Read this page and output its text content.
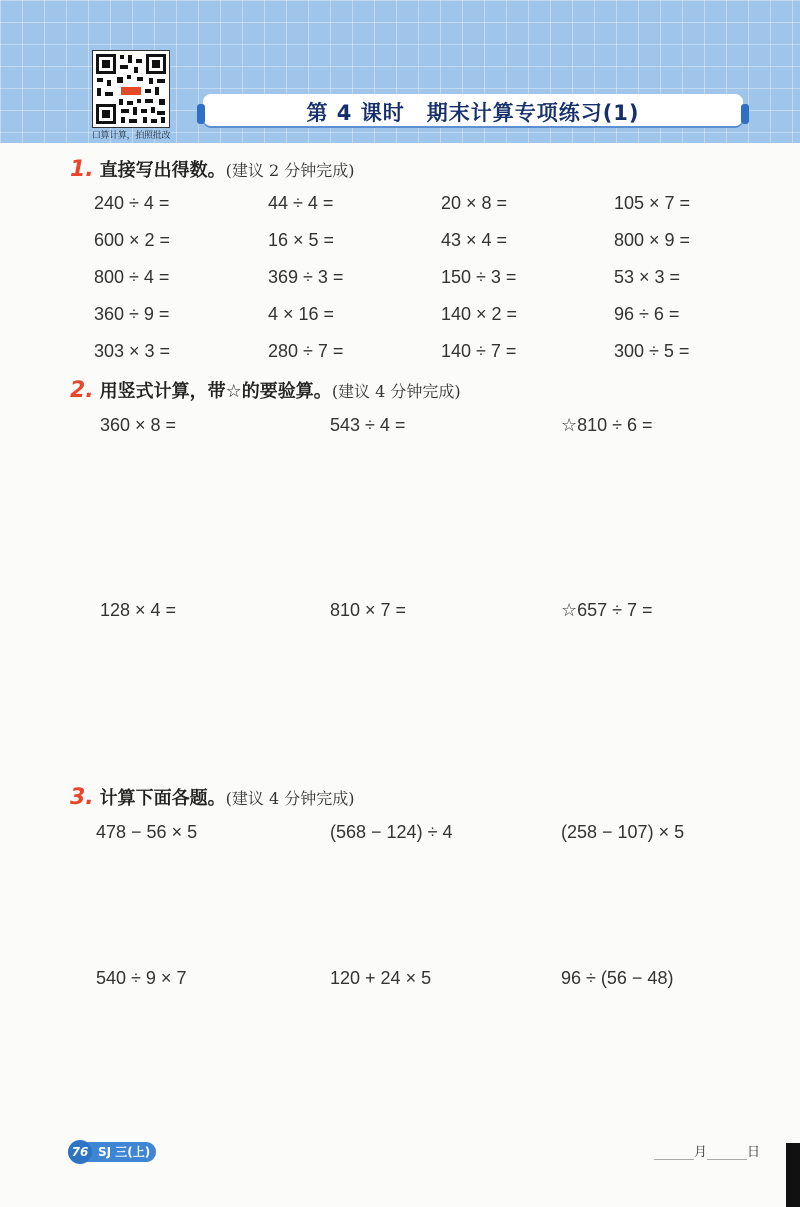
口算计算，拍照批改
第 4 课时　期末计算专项练习(1)
1. 直接写出得数。(建议 2 分钟完成)
240 ÷ 4 =	44 ÷ 4 =	20 × 8 =	105 × 7 =
600 × 2 =	16 × 5 =	43 × 4 =	800 × 9 =
800 ÷ 4 =	369 ÷ 3 =	150 ÷ 3 =	53 × 3 =
360 ÷ 9 =	4 × 16 =	140 × 2 =	96 ÷ 6 =
303 × 3 =	280 ÷ 7 =	140 ÷ 7 =	300 ÷ 5 =
2. 用竖式计算，带☆的要验算。(建议 4 分钟完成)
360 × 8 =	543 ÷ 4 =	☆810 ÷ 6 =
128 × 4 =	810 × 7 =	☆657 ÷ 7 =
3. 计算下面各题。(建议 4 分钟完成)
478 − 56 × 5	(568 − 124) ÷ 4	(258 − 107) × 5
540 ÷ 9 × 7	120 + 24 × 5	96 ÷ (56 − 48)
76 SJ 三(上)	月	日
